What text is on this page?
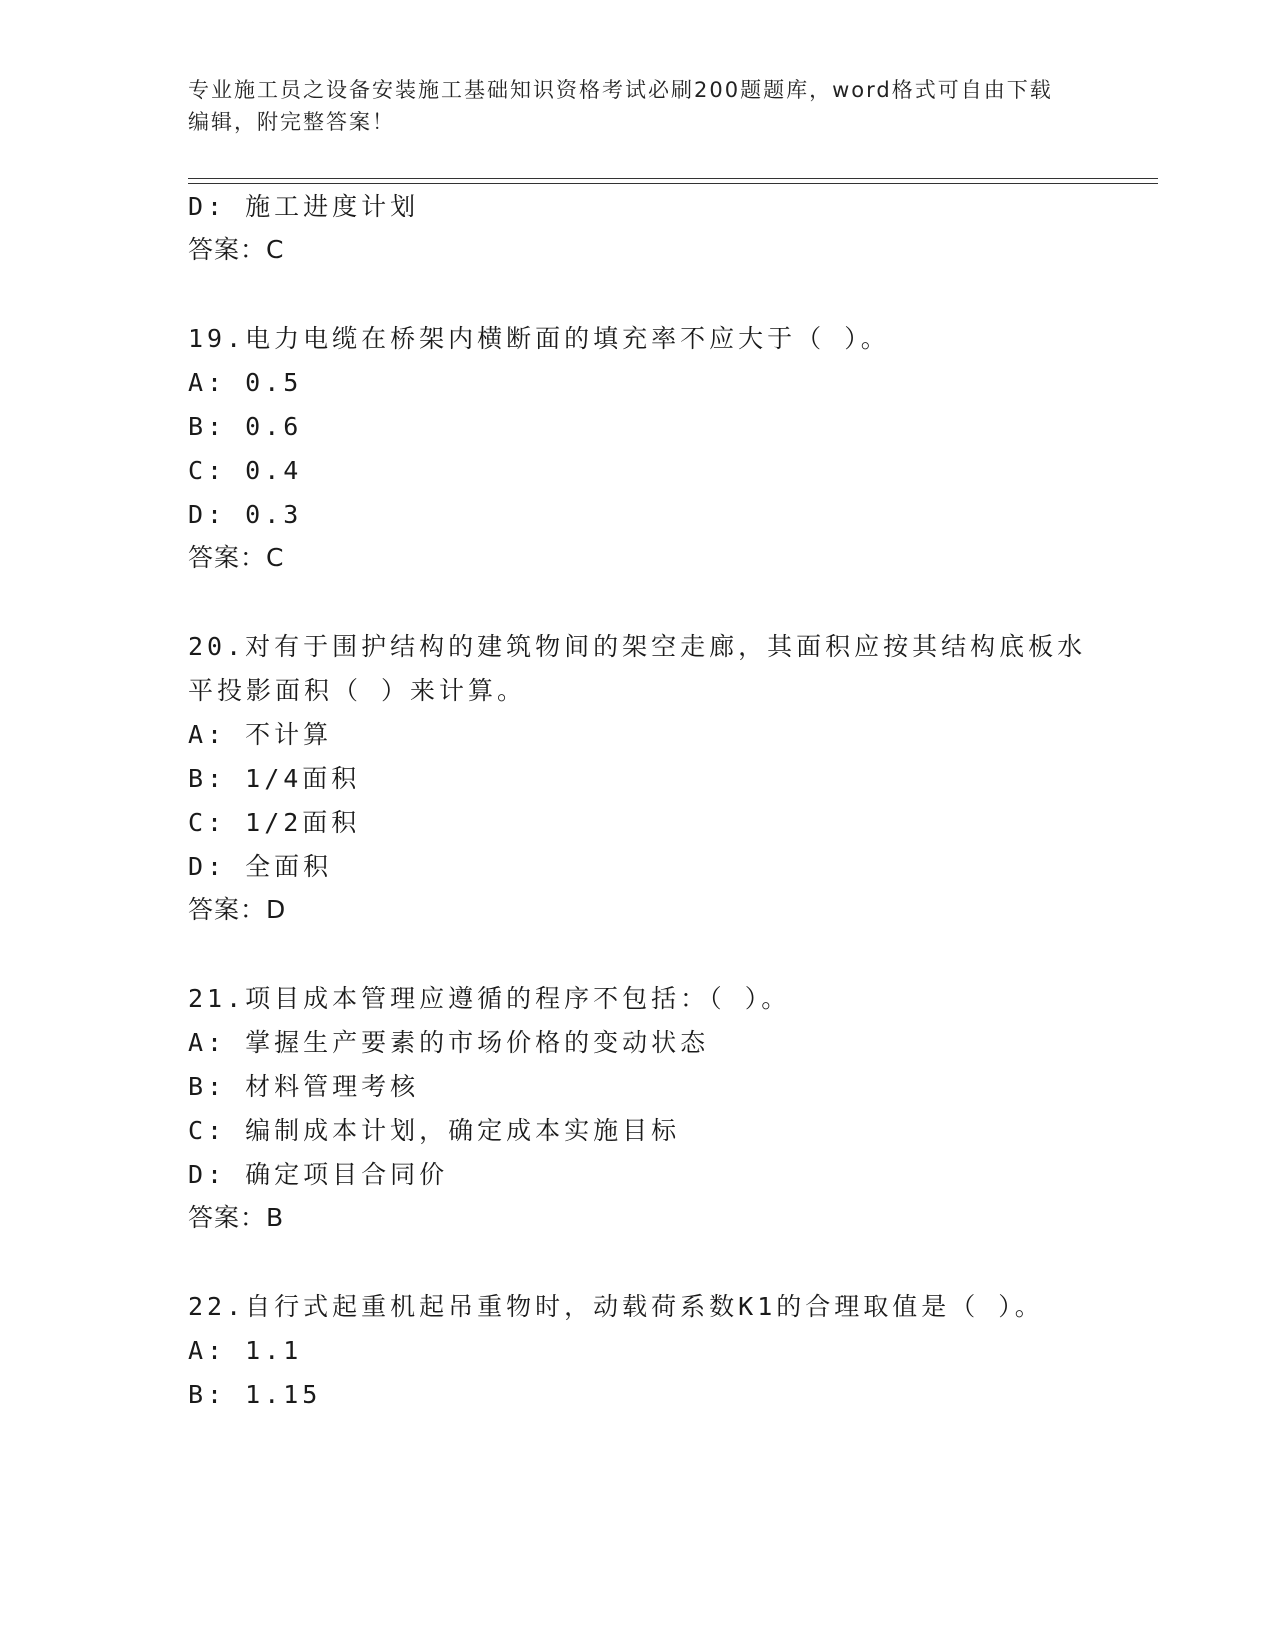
专业施工员之设备安装施工基础知识资格考试必刷200题题库，word格式可自由下载编辑，附完整答案！
D: 施工进度计划
答案：C
19.电力电缆在桥架内横断面的填充率不应大于（ ）。
A: 0.5
B: 0.6
C: 0.4
D: 0.3
答案：C
20.对有于围护结构的建筑物间的架空走廊，其面积应按其结构底板水
平投影面积（ ）来计算。
A: 不计算
B: 1/4面积
C: 1/2面积
D: 全面积
答案：D
21.项目成本管理应遵循的程序不包括：（ ）。
A: 掌握生产要素的市场价格的变动状态
B: 材料管理考核
C: 编制成本计划，确定成本实施目标
D: 确定项目合同价
答案：B
22.自行式起重机起吊重物时，动载荷系数K1的合理取值是（ ）。
A: 1.1
B: 1.15
